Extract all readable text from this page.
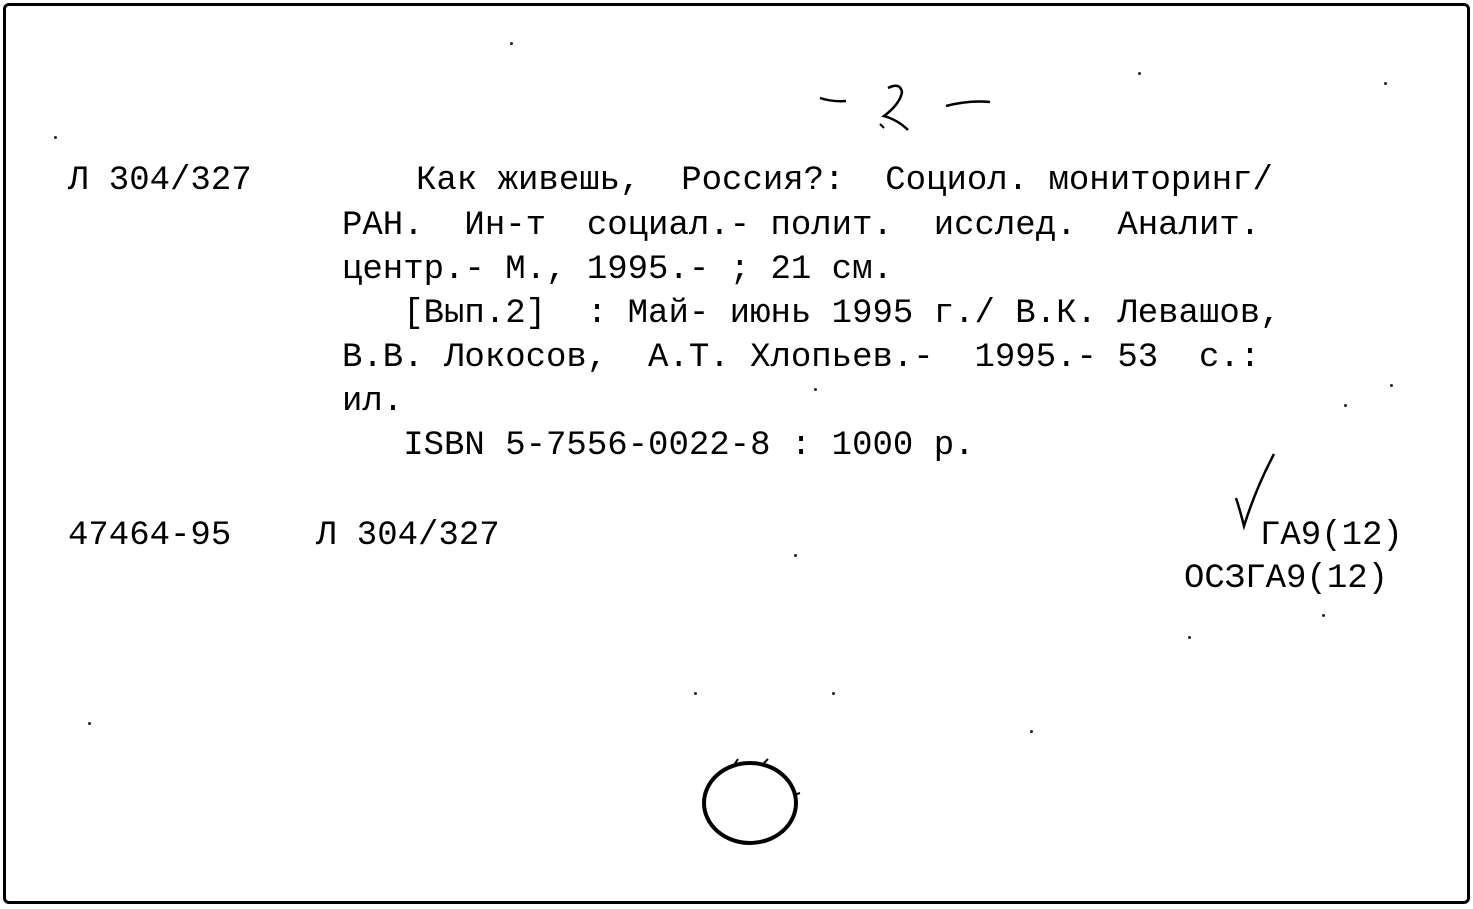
Л 304/327	Как живешь,  Россия?:  Социол. мониторинг/

РАН.  Ин-т  социал.- полит.  исслед.  Аналит.

центр.- М., 1995.- ; 21 см.

[Вып.2]  : Май- июнь 1995 г./ В.К. Левашов,

В.В. Локосов,  А.Т. Хлопьев.-  1995.- 53  с.:

ил.

ISBN 5-7556-0022-8 : 1000 р.

47464-95 Л 304/327	ГА9(12)

ОСЗГА9(12)
